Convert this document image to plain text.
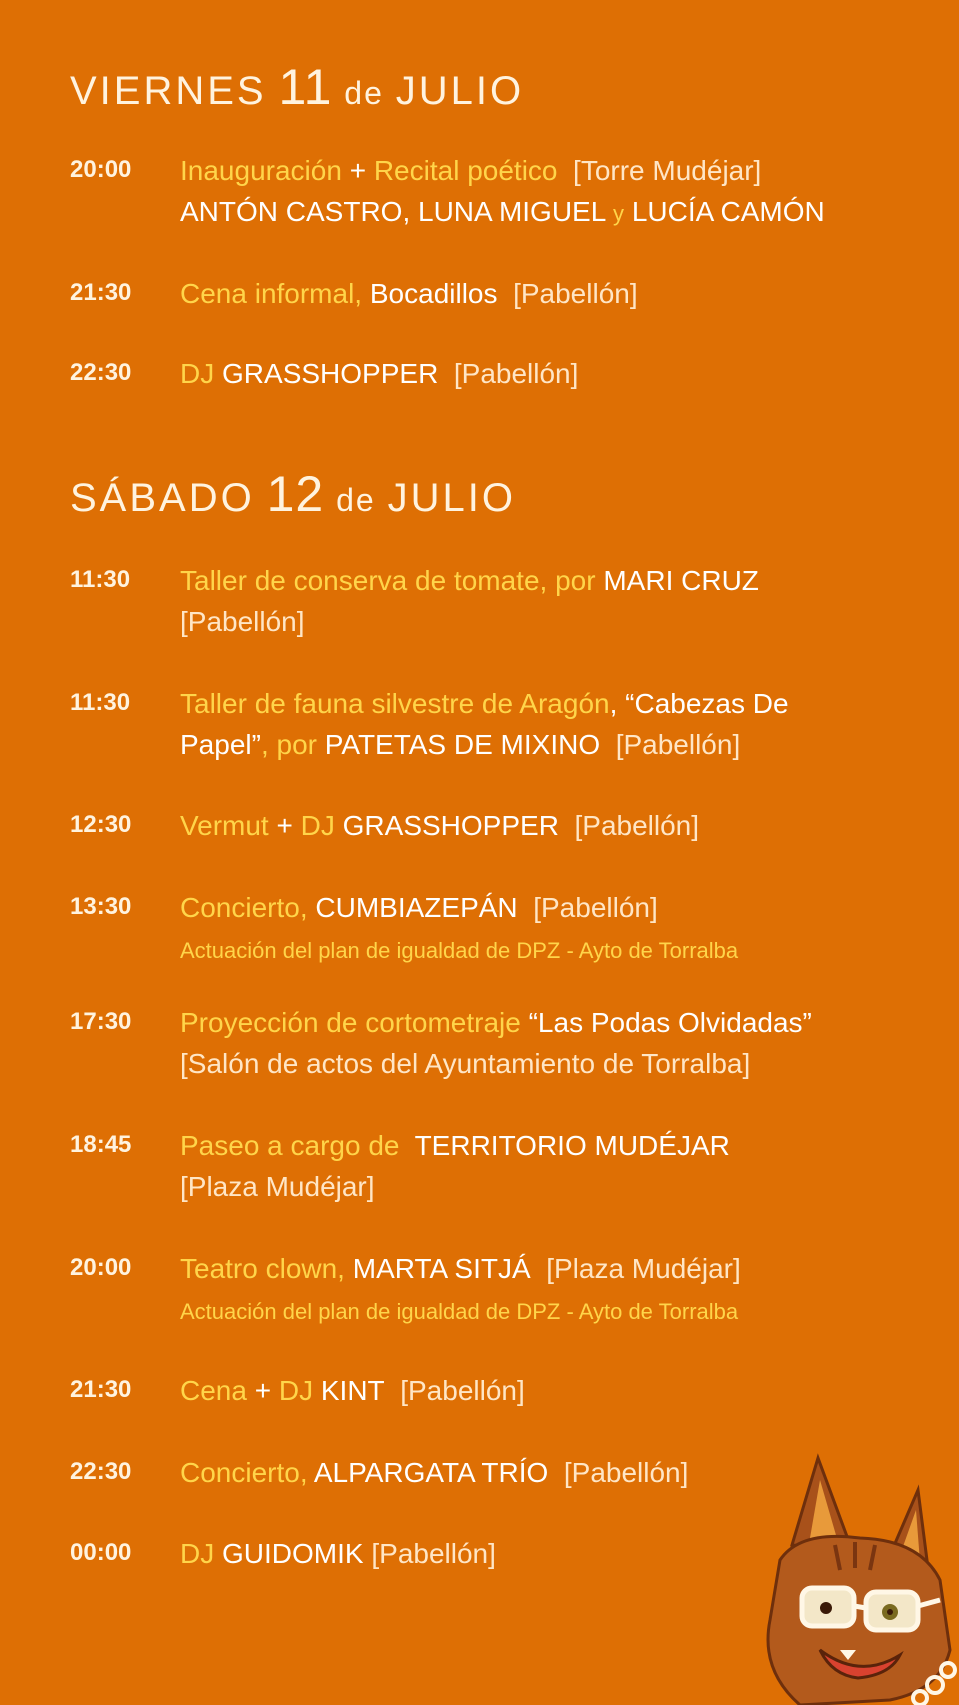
VIERNES 11 de JULIO
20:00	Inauguración + Recital poético [Torre Mudéjar]
ANTÓN CASTRO, LUNA MIGUEL y LUCÍA CAMÓN
21:30	Cena informal, Bocadillos [Pabellón]
22:30	DJ GRASSHOPPER [Pabellón]
SÁBADO 12 de JULIO
11:30	Taller de conserva de tomate, por MARI CRUZ
[Pabellón]
11:30	Taller de fauna silvestre de Aragón, “Cabezas De
Papel”, por PATETAS DE MIXINO [Pabellón]
12:30	Vermut + DJ GRASSHOPPER [Pabellón]
13:30	Concierto, CUMBIAZEPÁN [Pabellón]
Actuación del plan de igualdad de DPZ - Ayto de Torralba
17:30	Proyección de cortometraje “Las Podas Olvidadas”
[Salón de actos del Ayuntamiento de Torralba]
18:45	Paseo a cargo de TERRITORIO MUDÉJAR
[Plaza Mudéjar]
20:00	Teatro clown, MARTA SITJÁ [Plaza Mudéjar]
Actuación del plan de igualdad de DPZ - Ayto de Torralba
21:30	Cena + DJ KINT [Pabellón]
22:30	Concierto, ALPARGATA TRÍO [Pabellón]
00:00	DJ GUIDOMIK [Pabellón]
